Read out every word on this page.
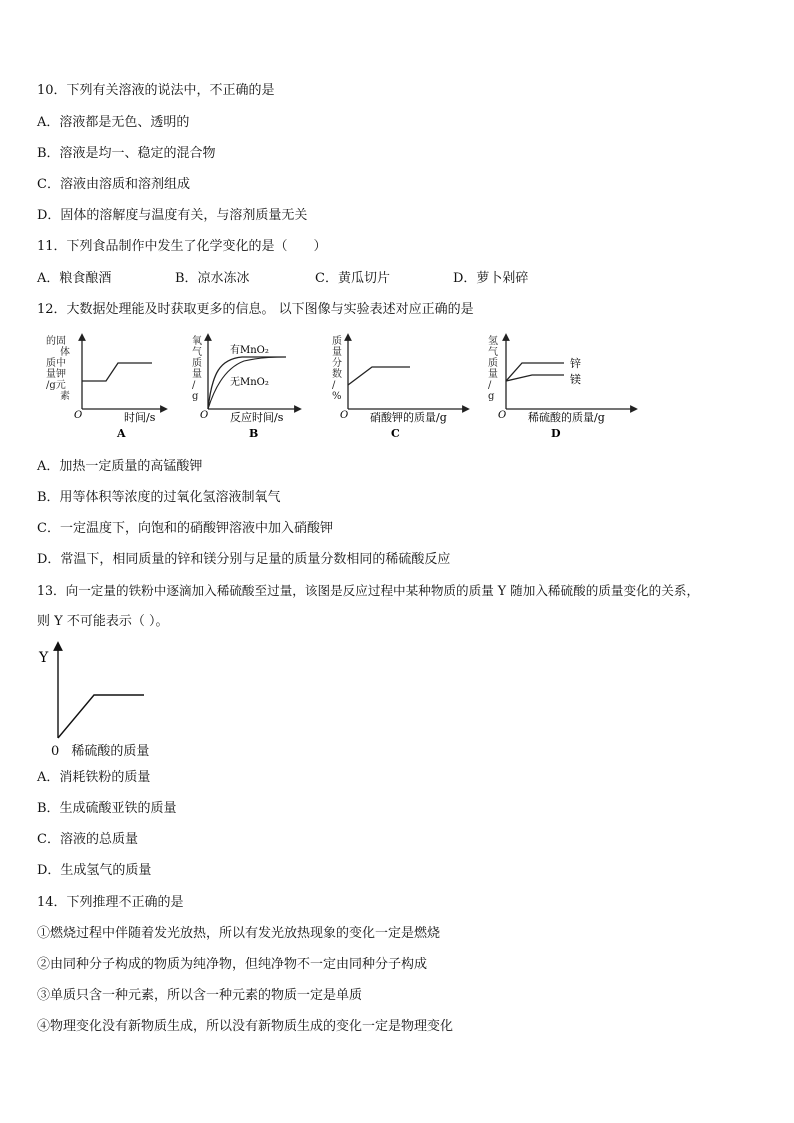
10．下列有关溶液的说法中，不正确的是
A．溶液都是无色、透明的
B．溶液是均一、稳定的混合物
C．溶液由溶质和溶剂组成
D．固体的溶解度与温度有关，与溶剂质量无关
11．下列食品制作中发生了化学变化的是（　　）
A．粮食酿酒	B．凉水冻冰	C．黄瓜切片	D．萝卜剁碎
12．大数据处理能及时获取更多的信息。 以下图像与实验表述对应正确的是
的固
体
质中
量钾
/g元
素
O	时间/s
A
氧
气
质
量
/
g
有MnO₂
无MnO₂
O 反应时间/s
B
质
量
分
数
/
%
O 硝酸钾的质量/g
C
氢
气
质
量
/
g
锌
镁
O 稀硫酸的质量/g
D
A．加热一定质量的高锰酸钾
B．用等体积等浓度的过氧化氢溶液制氧气
C．一定温度下，向饱和的硝酸钾溶液中加入硝酸钾
D．常温下，相同质量的锌和镁分别与足量的质量分数相同的稀硫酸反应
13．向一定量的铁粉中逐滴加入稀硫酸至过量，该图是反应过程中某种物质的质量 Y 随加入稀硫酸的质量变化的关系，
则 Y 不可能表示（ ）。
Y
0 稀硫酸的质量
A．消耗铁粉的质量
B．生成硫酸亚铁的质量
C．溶液的总质量
D．生成氢气的质量
14．下列推理不正确的是
①燃烧过程中伴随着发光放热，所以有发光放热现象的变化一定是燃烧
②由同种分子构成的物质为纯净物，但纯净物不一定由同种分子构成
③单质只含一种元素，所以含一种元素的物质一定是单质
④物理变化没有新物质生成，所以没有新物质生成的变化一定是物理变化
